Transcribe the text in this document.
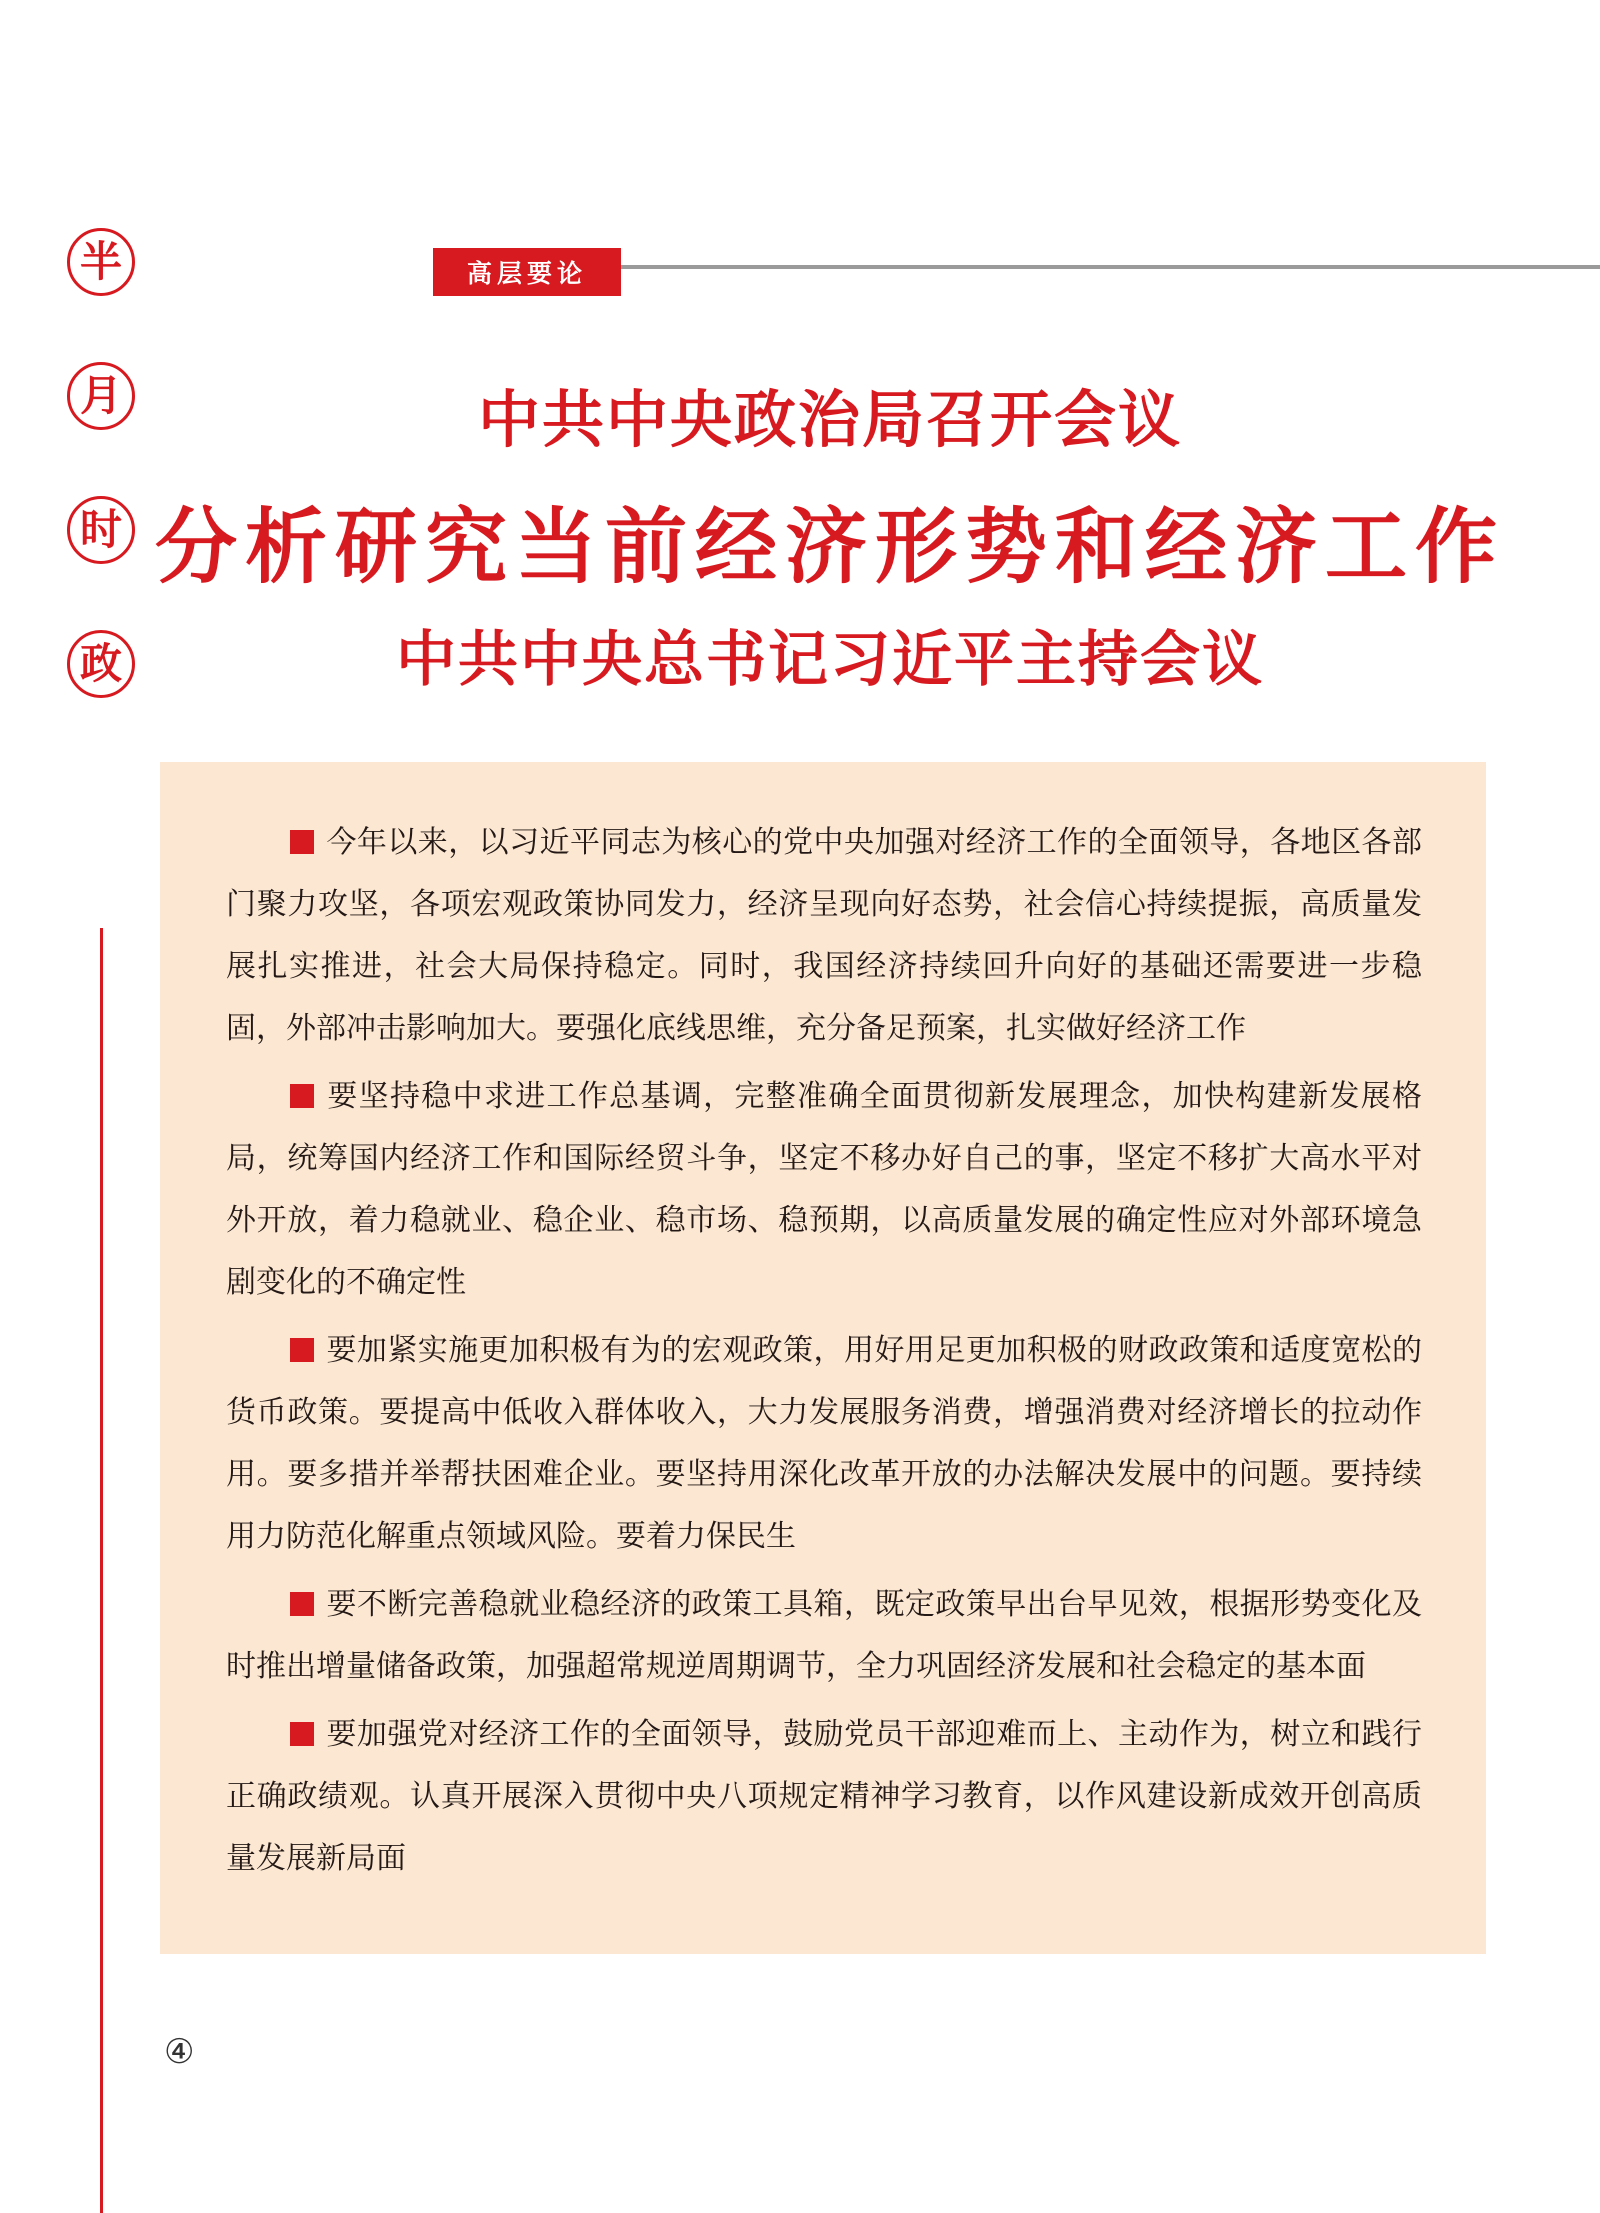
半
月
时
政
高层要论
中共中央政治局召开会议
分析研究当前经济形势和经济工作
中共中央总书记习近平主持会议

今年以来，以习近平同志为核心的党中央加强对经济工作的全面领导，各地区各部门聚力攻坚，各项宏观政策协同发力，经济呈现向好态势，社会信心持续提振，高质量发展扎实推进，社会大局保持稳定。同时，我国经济持续回升向好的基础还需要进一步稳固，外部冲击影响加大。要强化底线思维，充分备足预案，扎实做好经济工作

要坚持稳中求进工作总基调，完整准确全面贯彻新发展理念，加快构建新发展格局，统筹国内经济工作和国际经贸斗争，坚定不移办好自己的事，坚定不移扩大高水平对外开放，着力稳就业、稳企业、稳市场、稳预期，以高质量发展的确定性应对外部环境急剧变化的不确定性

要加紧实施更加积极有为的宏观政策，用好用足更加积极的财政政策和适度宽松的货币政策。要提高中低收入群体收入，大力发展服务消费，增强消费对经济增长的拉动作用。要多措并举帮扶困难企业。要坚持用深化改革开放的办法解决发展中的问题。要持续用力防范化解重点领域风险。要着力保民生

要不断完善稳就业稳经济的政策工具箱，既定政策早出台早见效，根据形势变化及时推出增量储备政策，加强超常规逆周期调节，全力巩固经济发展和社会稳定的基本面

要加强党对经济工作的全面领导，鼓励党员干部迎难而上、主动作为，树立和践行正确政绩观。认真开展深入贯彻中央八项规定精神学习教育，以作风建设新成效开创高质量发展新局面

④
